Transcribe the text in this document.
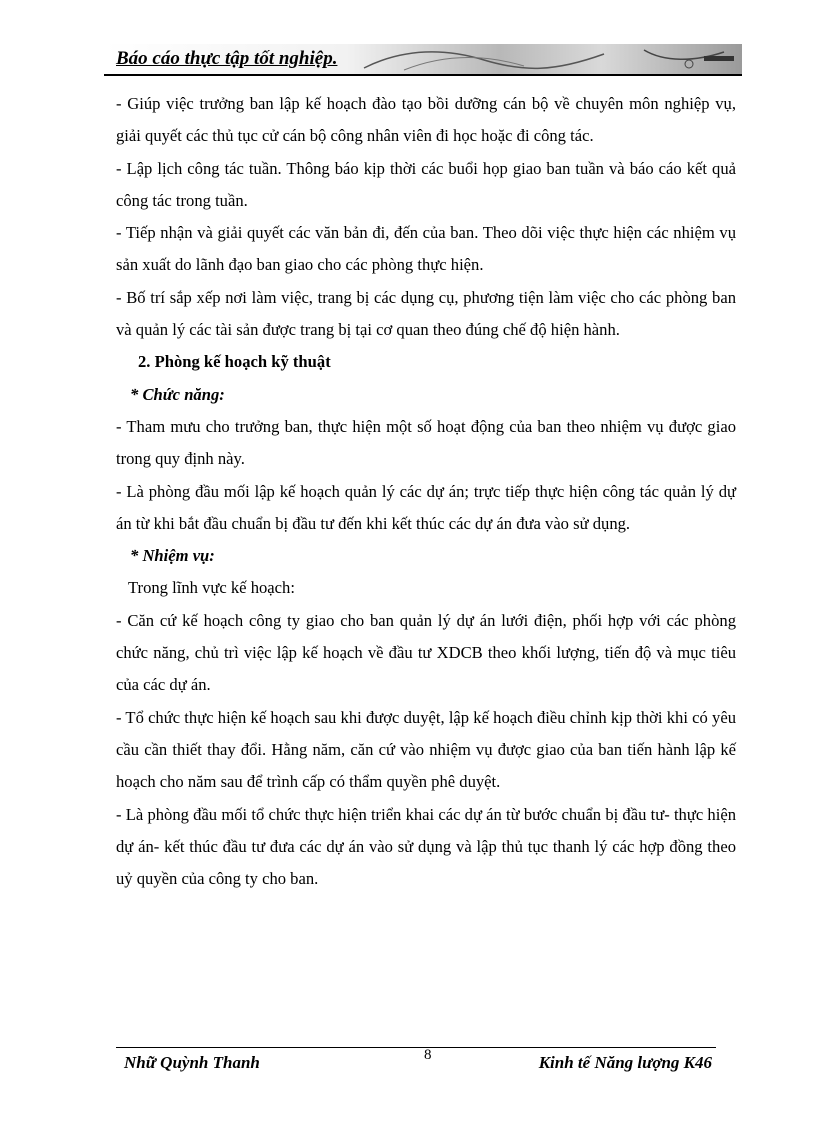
Báo cáo thực tập tốt nghiệp.

- Giúp việc trưởng ban lập kế hoạch đào tạo bồi dưỡng cán bộ về chuyên môn nghiệp vụ, giải quyết các thủ tục cử cán bộ công nhân viên đi học hoặc đi công tác.

- Lập lịch công tác tuần. Thông báo kịp thời các buổi họp giao ban tuần và báo cáo kết quả công tác trong tuần.

- Tiếp nhận và giải quyết các văn bản đi, đến của ban. Theo dõi việc thực hiện các nhiệm vụ sản xuất do lãnh đạo ban giao cho các phòng thực hiện.

- Bố trí sắp xếp nơi làm việc, trang bị các dụng cụ, phương tiện làm việc cho các phòng ban và quản lý các tài sản được trang bị tại cơ quan theo đúng chế độ hiện hành.

2. Phòng kế hoạch kỹ thuật

* Chức năng:

- Tham mưu cho trưởng ban, thực hiện một số hoạt động của ban theo nhiệm vụ được giao trong quy định này.

- Là phòng đầu mối lập kế hoạch quản lý các dự án; trực tiếp thực hiện công tác quản lý dự án từ khi bắt đầu chuẩn bị đầu tư đến khi kết thúc các dự án đưa vào sử dụng.

* Nhiệm vụ:

Trong lĩnh vực kế hoạch:

- Căn cứ kế hoạch công ty giao cho ban quản lý dự án lưới điện, phối hợp với các phòng chức năng, chủ trì việc lập kế hoạch về đầu tư XDCB theo khối lượng, tiến độ và mục tiêu của các dự án.

- Tổ chức thực hiện kế hoạch sau khi được duyệt, lập kế hoạch điều chỉnh kịp thời khi có yêu cầu cần thiết thay đổi. Hằng năm, căn cứ vào nhiệm vụ được giao của ban tiến hành lập kế hoạch cho năm sau để trình cấp có thẩm quyền phê duyệt.

- Là phòng đầu mối tổ chức thực hiện triển khai các dự án từ bước chuẩn bị đầu tư- thực hiện dự án- kết thúc đầu tư đưa các dự án vào sử dụng và lập thủ tục thanh lý các hợp đồng theo uỷ quyền của công ty cho ban.

Nhữ Quỳnh Thanh	8	Kinh tế Năng lượng K46
